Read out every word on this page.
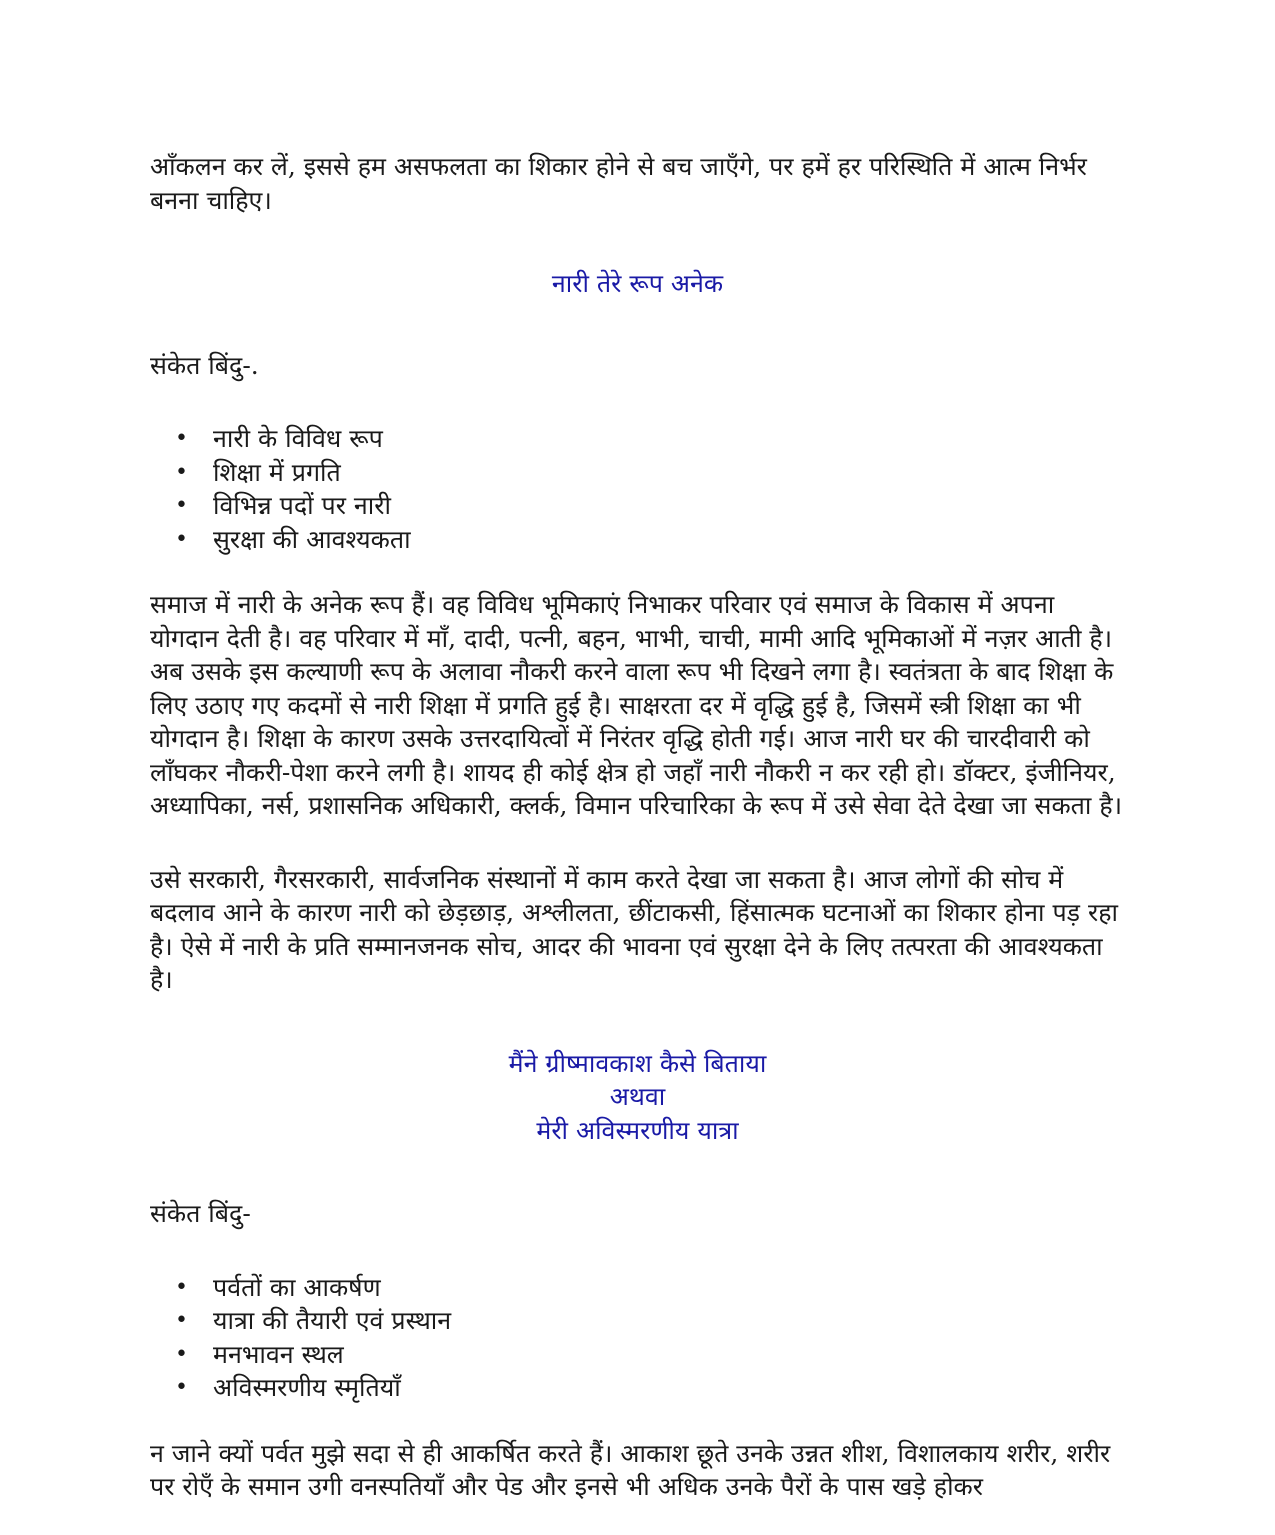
आँकलन कर लें, इससे हम असफलता का शिकार होने से बच जाएँगे, पर हमें हर परिस्थिति में आत्म निर्भर बनना चाहिए।

नारी तेरे रूप अनेक

संकेत बिंदु-.

• नारी के विविध रूप
• शिक्षा में प्रगति
• विभिन्न पदों पर नारी
• सुरक्षा की आवश्यकता

समाज में नारी के अनेक रूप हैं। वह विविध भूमिकाएं निभाकर परिवार एवं समाज के विकास में अपना योगदान देती है। वह परिवार में माँ, दादी, पत्नी, बहन, भाभी, चाची, मामी आदि भूमिकाओं में नज़र आती है। अब उसके इस कल्याणी रूप के अलावा नौकरी करने वाला रूप भी दिखने लगा है। स्वतंत्रता के बाद शिक्षा के लिए उठाए गए कदमों से नारी शिक्षा में प्रगति हुई है। साक्षरता दर में वृद्धि हुई है, जिसमें स्त्री शिक्षा का भी योगदान है। शिक्षा के कारण उसके उत्तरदायित्वों में निरंतर वृद्धि होती गई। आज नारी घर की चारदीवारी को लाँघकर नौकरी-पेशा करने लगी है। शायद ही कोई क्षेत्र हो जहाँ नारी नौकरी न कर रही हो। डॉक्टर, इंजीनियर, अध्यापिका, नर्स, प्रशासनिक अधिकारी, क्लर्क, विमान परिचारिका के रूप में उसे सेवा देते देखा जा सकता है।

उसे सरकारी, गैरसरकारी, सार्वजनिक संस्थानों में काम करते देखा जा सकता है। आज लोगों की सोच में बदलाव आने के कारण नारी को छेड़छाड़, अश्लीलता, छींटाकसी, हिंसात्मक घटनाओं का शिकार होना पड़ रहा है। ऐसे में नारी के प्रति सम्मानजनक सोच, आदर की भावना एवं सुरक्षा देने के लिए तत्परता की आवश्यकता है।

मैंने ग्रीष्मावकाश कैसे बिताया
अथवा
मेरी अविस्मरणीय यात्रा

संकेत बिंदु-

• पर्वतों का आकर्षण
• यात्रा की तैयारी एवं प्रस्थान
• मनभावन स्थल
• अविस्मरणीय स्मृतियाँ

न जाने क्यों पर्वत मुझे सदा से ही आकर्षित करते हैं। आकाश छूते उनके उन्नत शीश, विशालकाय शरीर, शरीर पर रोएँ के समान उगी वनस्पतियाँ और पेड और इनसे भी अधिक उनके पैरों के पास खड़े होकर
